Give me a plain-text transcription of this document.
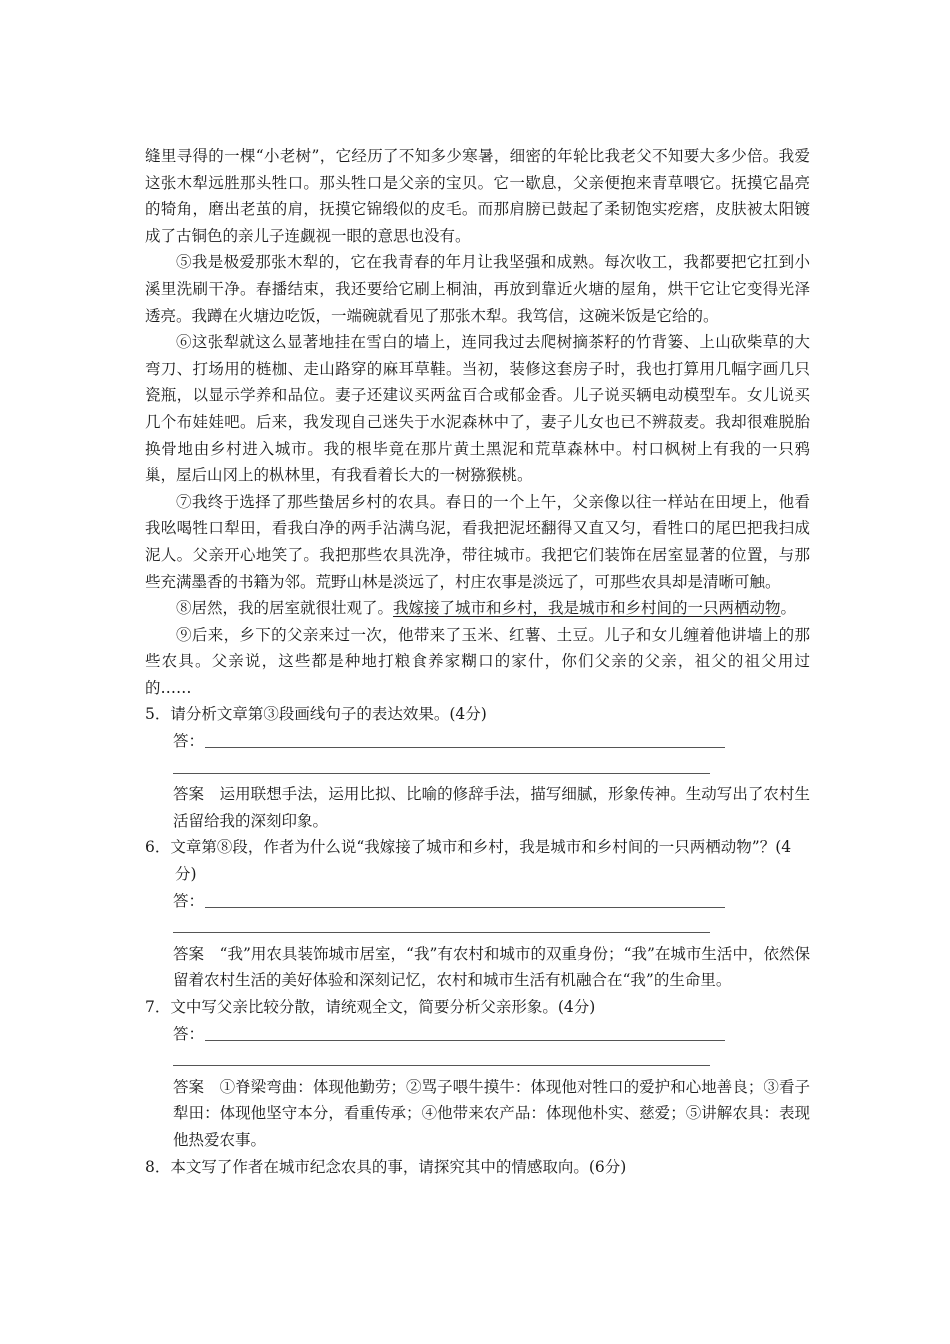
缝里寻得的一棵“小老树”，它经历了不知多少寒暑，细密的年轮比我老父不知要大多少倍。我爱这张木犁远胜那头牲口。那头牲口是父亲的宝贝。它一歇息，父亲便抱来青草喂它。抚摸它晶亮的犄角，磨出老茧的肩，抚摸它锦缎似的皮毛。而那肩膀已鼓起了柔韧饱实疙瘩，皮肤被太阳镀成了古铜色的亲儿子连觑视一眼的意思也没有。

⑤我是极爱那张木犁的，它在我青春的年月让我坚强和成熟。每次收工，我都要把它扛到小溪里洗刷干净。春播结束，我还要给它刷上桐油，再放到靠近火塘的屋角，烘干它让它变得光泽透亮。我蹲在火塘边吃饭，一端碗就看见了那张木犁。我笃信，这碗米饭是它给的。

⑥这张犁就这么显著地挂在雪白的墙上，连同我过去爬树摘茶籽的竹背篓、上山砍柴草的大弯刀、打场用的梿枷、走山路穿的麻耳草鞋。当初，装修这套房子时，我也打算用几幅字画几只瓷瓶，以显示学养和品位。妻子还建议买两盆百合或郁金香。儿子说买辆电动模型车。女儿说买几个布娃娃吧。后来，我发现自己迷失于水泥森林中了，妻子儿女也已不辨菽麦。我却很难脱胎换骨地由乡村进入城市。我的根毕竟在那片黄土黑泥和荒草森林中。村口枫树上有我的一只鸦巢，屋后山冈上的枞林里，有我看着长大的一树猕猴桃。

⑦我终于选择了那些蛰居乡村的农具。春日的一个上午，父亲像以往一样站在田埂上，他看我吆喝牲口犁田，看我白净的两手沾满乌泥，看我把泥坯翻得又直又匀，看牲口的尾巴把我扫成泥人。父亲开心地笑了。我把那些农具洗净，带往城市。我把它们装饰在居室显著的位置，与那些充满墨香的书籍为邻。荒野山林是淡远了，村庄农事是淡远了，可那些农具却是清晰可触。

⑧居然，我的居室就很壮观了。我嫁接了城市和乡村，我是城市和乡村间的一只两栖动物。

⑨后来，乡下的父亲来过一次，他带来了玉米、红薯、土豆。儿子和女儿缠着他讲墙上的那些农具。父亲说，这些都是种地打粮食养家糊口的家什，你们父亲的父亲，祖父的祖父用过的……

5．请分析文章第③段画线句子的表达效果。(4分)

答：

答案　运用联想手法，运用比拟、比喻的修辞手法，描写细腻，形象传神。生动写出了农村生活留给我的深刻印象。

6．文章第⑧段，作者为什么说“我嫁接了城市和乡村，我是城市和乡村间的一只两栖动物”？(4分)

答：

答案　“我”用农具装饰城市居室，“我”有农村和城市的双重身份；“我”在城市生活中，依然保留着农村生活的美好体验和深刻记忆，农村和城市生活有机融合在“我”的生命里。

7．文中写父亲比较分散，请统观全文，简要分析父亲形象。(4分)

答：

答案　①脊梁弯曲：体现他勤劳；②骂子喂牛摸牛：体现他对牲口的爱护和心地善良；③看子犁田：体现他坚守本分，看重传承；④他带来农产品：体现他朴实、慈爱；⑤讲解农具：表现他热爱农事。

8．本文写了作者在城市纪念农具的事，请探究其中的情感取向。(6分)
